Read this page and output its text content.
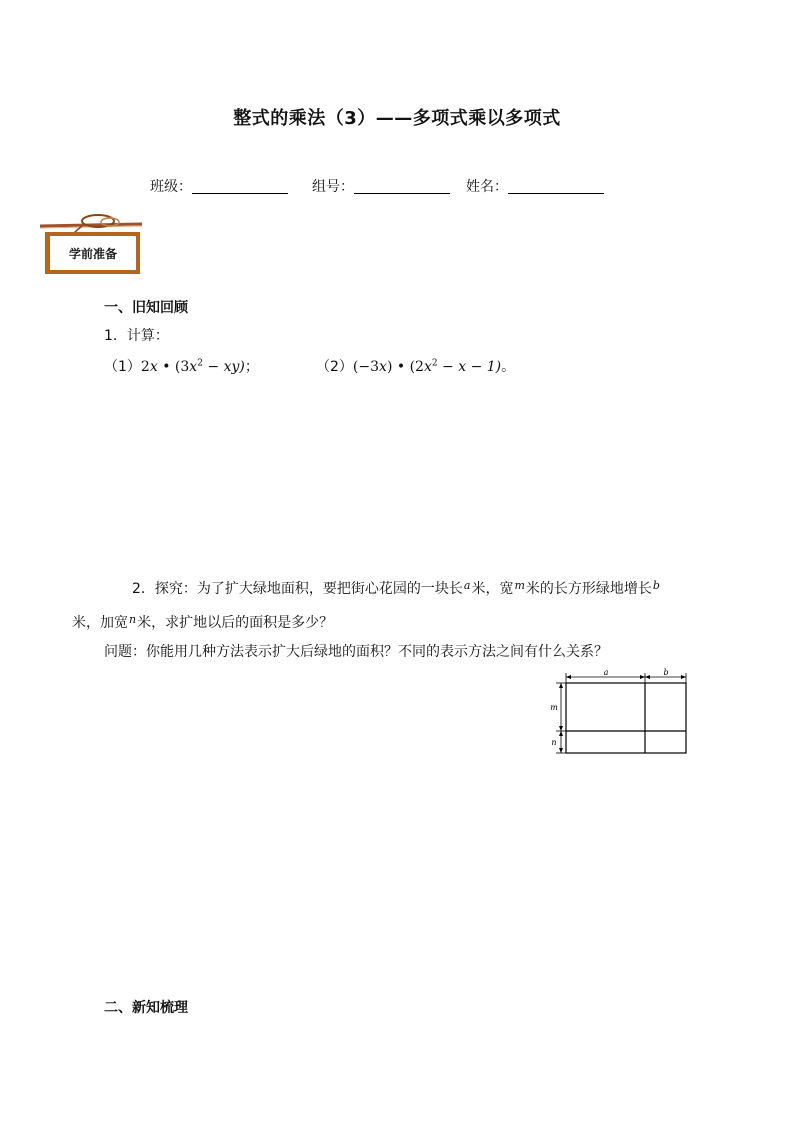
整式的乘法（3）——多项式乘以多项式
班级：	组号：	姓名：
学前准备
一、旧知回顾
1．计算：
（1）2x • $(3x^2 - xy)$；	（2）(−3x) • $(2x^2 - x - 1)$。
2．探究：为了扩大绿地面积，要把街心花园的一块长$^a$米，宽$^m$米的长方形绿地增长$^b$
米，加宽$^n$米，求扩地以后的面积是多少？
问题：你能用几种方法表示扩大后绿地的面积？不同的表示方法之间有什么关系？
a	b
m
n
二、新知梳理
